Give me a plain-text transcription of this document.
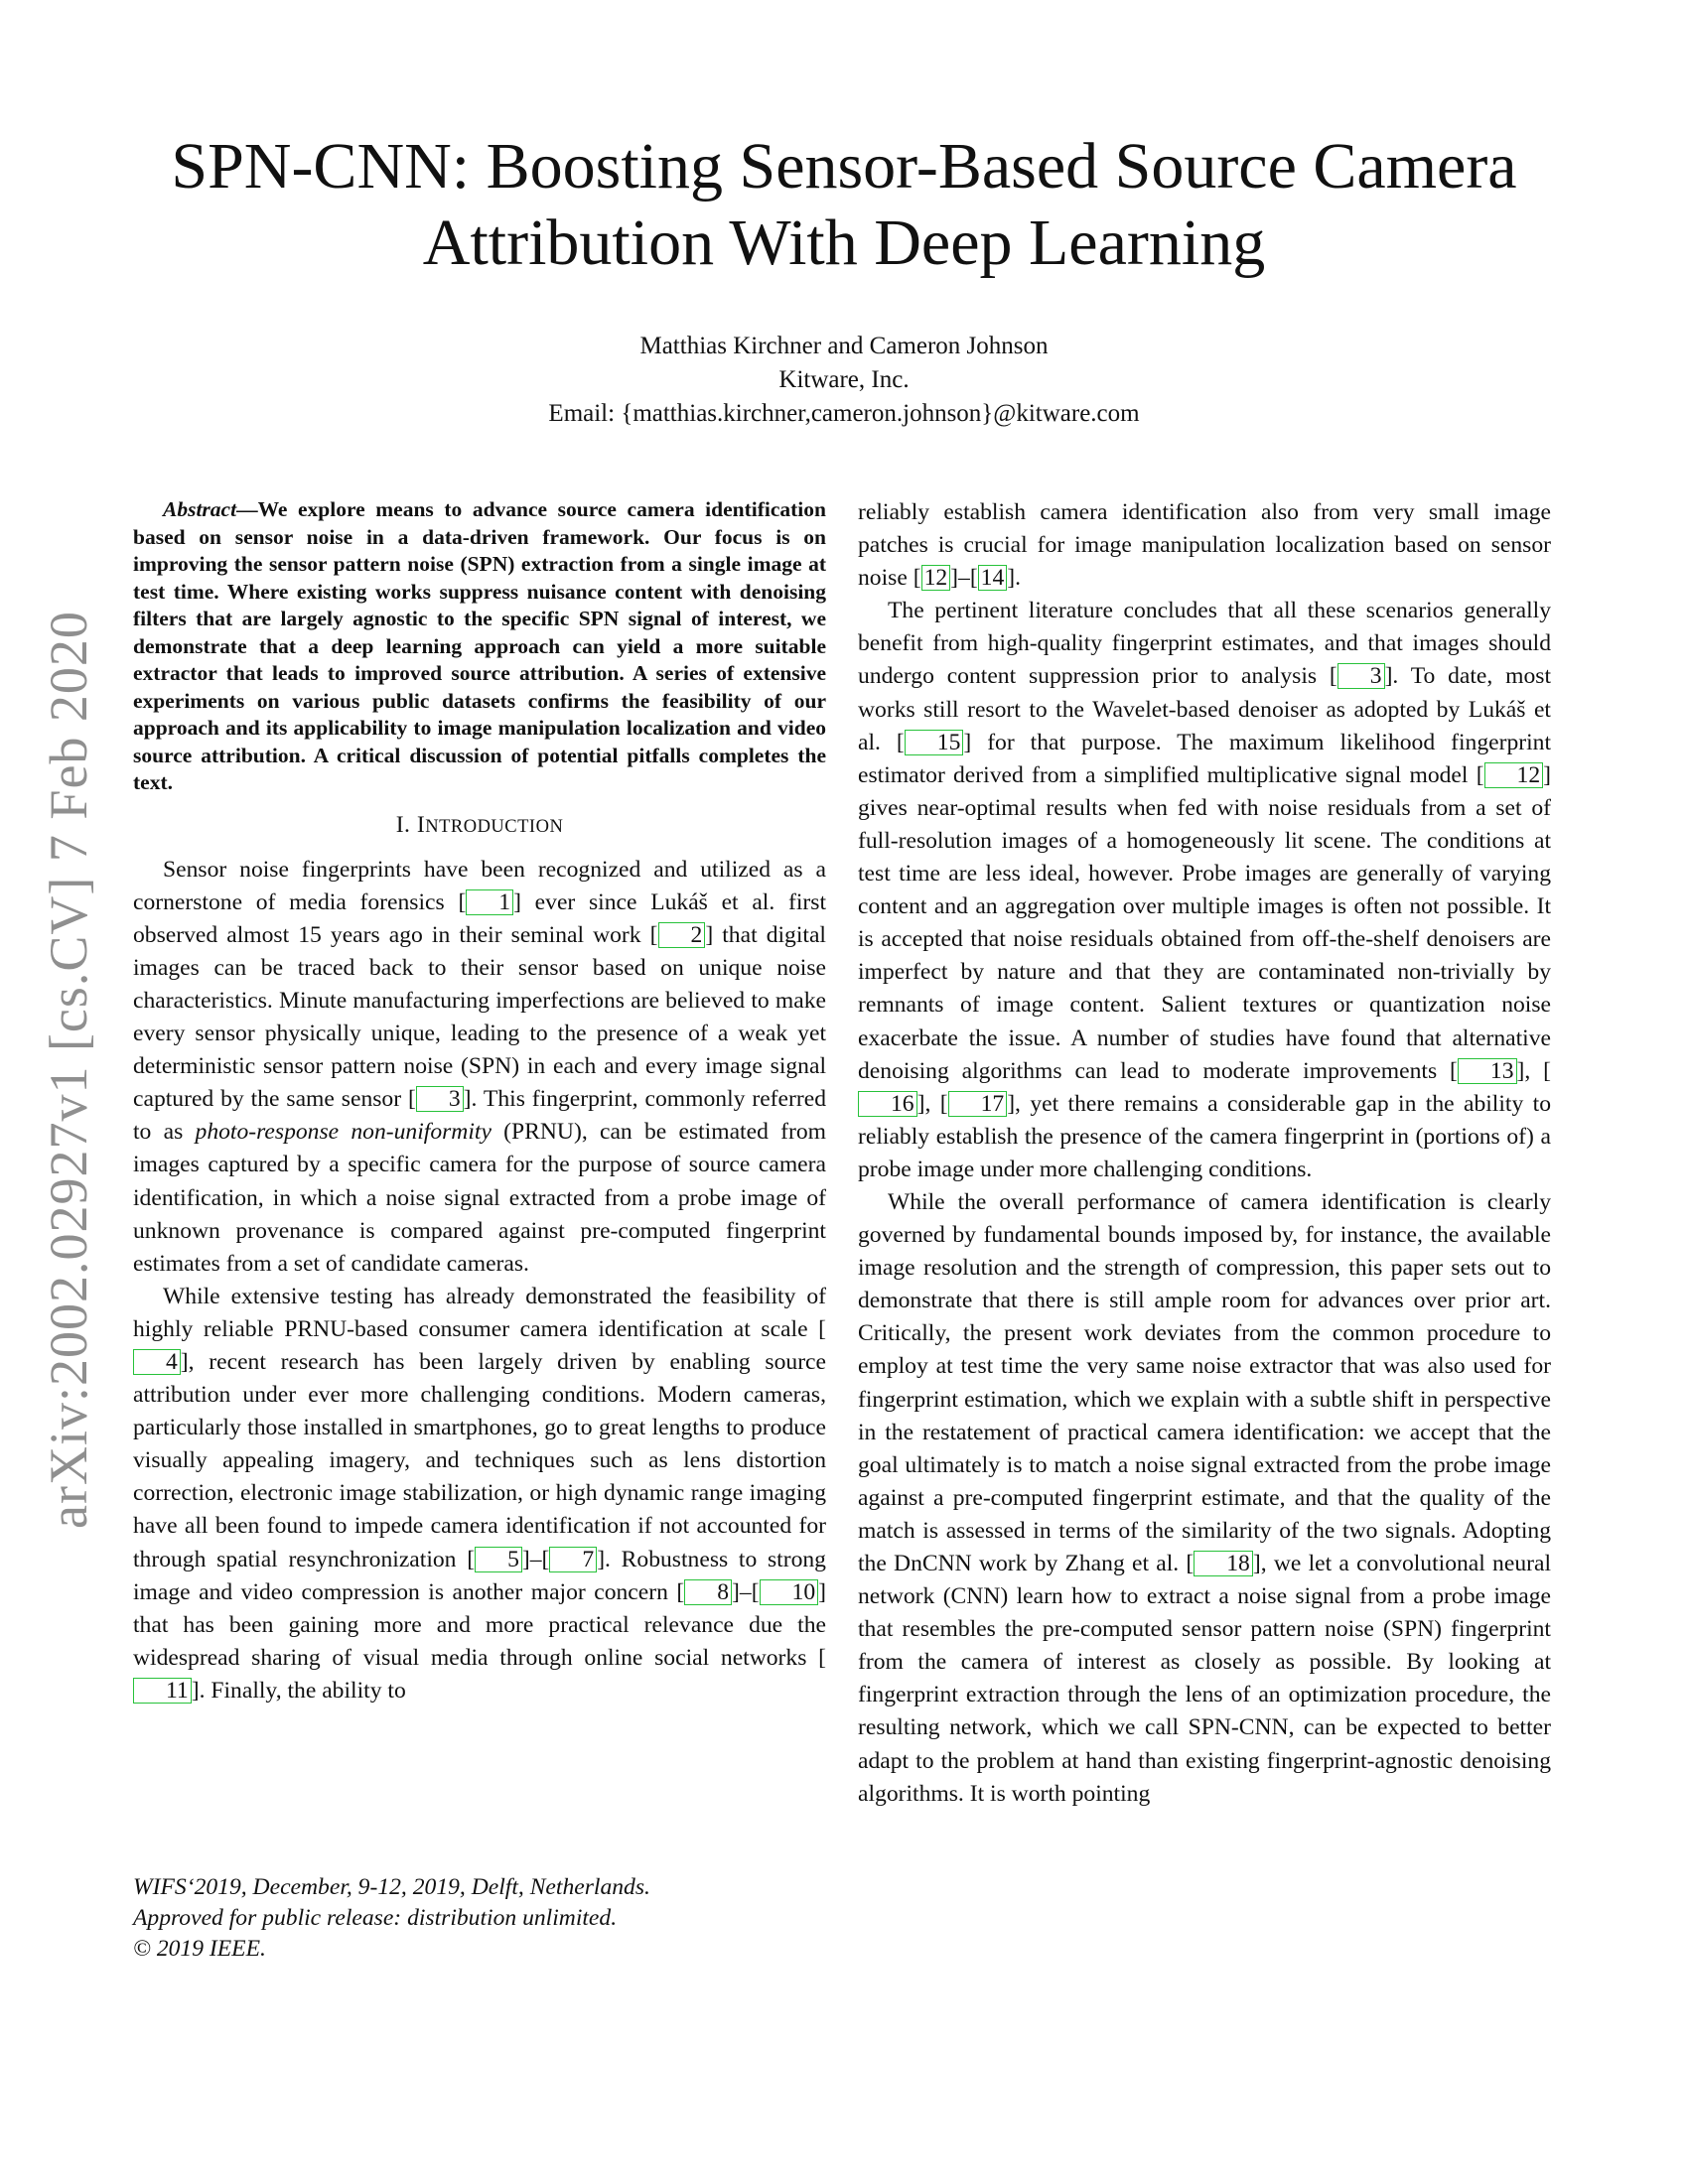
arXiv:2002.02927v1 [cs.CV] 7 Feb 2020
SPN-CNN: Boosting Sensor-Based Source Camera
Attribution With Deep Learning
Matthias Kirchner and Cameron Johnson
Kitware, Inc.
Email: {matthias.kirchner,cameron.johnson}@kitware.com

Abstract—We explore means to advance source camera identification based on sensor noise in a data-driven framework. Our focus is on improving the sensor pattern noise (SPN) extraction from a single image at test time. Where existing works suppress nuisance content with denoising filters that are largely agnostic to the specific SPN signal of interest, we demonstrate that a deep learning approach can yield a more suitable extractor that leads to improved source attribution. A series of extensive experiments on various public datasets confirms the feasibility of our approach and its applicability to image manipulation localization and video source attribution. A critical discussion of potential pitfalls completes the text.

I. INTRODUCTION

Sensor noise fingerprints have been recognized and utilized as a cornerstone of media forensics [ 1 ] ever since Lukáš et al. first observed almost 15 years ago in their seminal work [ 2 ] that digital images can be traced back to their sensor based on unique noise characteristics. Minute manufacturing imperfections are believed to make every sensor physically unique, leading to the presence of a weak yet deterministic sensor pattern noise (SPN) in each and every image signal captured by the same sensor [ 3 ]. This fingerprint, commonly referred to as photo-response non-uniformity (PRNU), can be estimated from images captured by a specific camera for the purpose of source camera identification, in which a noise signal extracted from a probe image of unknown provenance is compared against pre-computed fingerprint estimates from a set of candidate cameras.

While extensive testing has already demonstrated the feasibility of highly reliable PRNU-based consumer camera identification at scale [4 ], recent research has been largely driven by enabling source attribution under ever more challenging conditions. Modern cameras, particularly those installed in smartphones, go to great lengths to produce visually appealing imagery, and techniques such as lens distortion correction, electronic image stabilization, or high dynamic range imaging have all been found to impede camera identification if not accounted for through spatial resynchronization [ 5 ]–[ 7 ]. Robustness to strong image and video compression is another major concern [ 8 ]–[ 10 ] that has been gaining more and more practical relevance due the widespread sharing of visual media through online social networks [11 ]. Finally, the ability to

WIFS‘2019, December, 9-12, 2019, Delft, Netherlands.
Approved for public release: distribution unlimited.
© 2019 IEEE.

reliably establish camera identification also from very small image patches is crucial for image manipulation localization based on sensor noise [ 12 ]–[ 14 ].

The pertinent literature concludes that all these scenarios generally benefit from high-quality fingerprint estimates, and that images should undergo content suppression prior to analysis [ 3 ]. To date, most works still resort to the Wavelet-based denoiser as adopted by Lukáš et al. [ 15 ] for that purpose. The maximum likelihood fingerprint estimator derived from a simplified multiplicative signal model [ 12 ] gives near-optimal results when fed with noise residuals from a set of full-resolution images of a homogeneously lit scene. The conditions at test time are less ideal, however. Probe images are generally of varying content and an aggregation over multiple images is often not possible. It is accepted that noise residuals obtained from off-the-shelf denoisers are imperfect by nature and that they are contaminated non-trivially by remnants of image content. Salient textures or quantization noise exacerbate the issue. A number of studies have found that alternative denoising algorithms can lead to moderate improvements [ 13 ], [16 ], [ 17 ], yet there remains a considerable gap in the ability to reliably establish the presence of the camera fingerprint in (portions of) a probe image under more challenging conditions.

While the overall performance of camera identification is clearly governed by fundamental bounds imposed by, for instance, the available image resolution and the strength of compression, this paper sets out to demonstrate that there is still ample room for advances over prior art. Critically, the present work deviates from the common procedure to employ at test time the very same noise extractor that was also used for fingerprint estimation, which we explain with a subtle shift in perspective in the restatement of practical camera identification: we accept that the goal ultimately is to match a noise signal extracted from the probe image against a pre-computed fingerprint estimate, and that the quality of the match is assessed in terms of the similarity of the two signals. Adopting the DnCNN work by Zhang et al. [ 18 ], we let a convolutional neural network (CNN) learn how to extract a noise signal from a probe image that resembles the pre-computed sensor pattern noise (SPN) fingerprint from the camera of interest as closely as possible. By looking at fingerprint extraction through the lens of an optimization procedure, the resulting network, which we call SPN-CNN, can be expected to better adapt to the problem at hand than existing fingerprint-agnostic denoising algorithms. It is worth pointing
